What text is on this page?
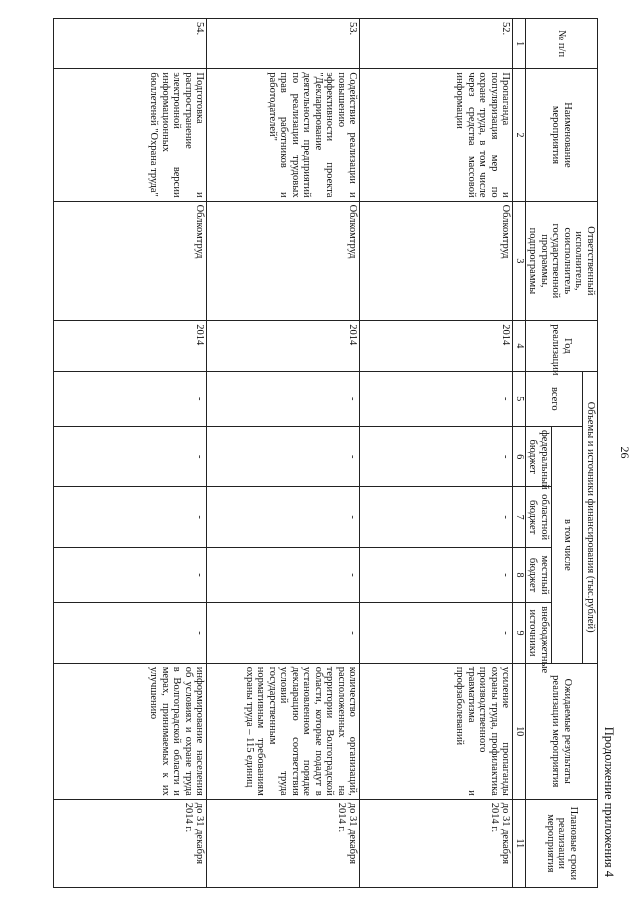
26
Продолжение приложения 4
№ п/п	Наименование мероприятия	Ответственный исполнитель, соисполнитель государственной программы, подпрограммы	Год реализации	Объемы и источники финансирования (тыс.рублей)					Ожидаемые результаты реализации мероприятия	Плановые сроки реализации мероприятия
				всего	в том числе					
					федеральный бюджет	областной бюджет	местный бюджет	внебюджетные источники		
1	2	3	4	5	6	7	8	9	10	11
52.	Пропаганда и популяризация мер по охране труда, в том числе через средства массовой информации	Облкомтруд	2014	-	-	-	-	-	усиление пропаганды охраны труда, профилактика производственного травматизма и профзаболеваний	до 31 декабря 2014 г.
53.	Содействие реализации и повышению эффективности проекта "Декларирование деятельности предприятий по реализации трудовых прав работников и работодателей"	Облкомтруд	2014	-	-	-	-	-	количество организаций, расположенных на территории Волгоградской области, которые подадут в установленном порядке декларацию соответствия условий труда государственным нормативным требованиям охраны труда – 115 единиц	до 31 декабря 2014 г.
54.	Подготовка и распространение электронной версии информационных бюллетеней "Охрана труда"	Облкомтруд	2014	-	-	-	-	-	информирование населения об условиях и охране труда в Волгоградской области и мерах, принимаемых к их улучшению	до 31 декабря 2014 г.
